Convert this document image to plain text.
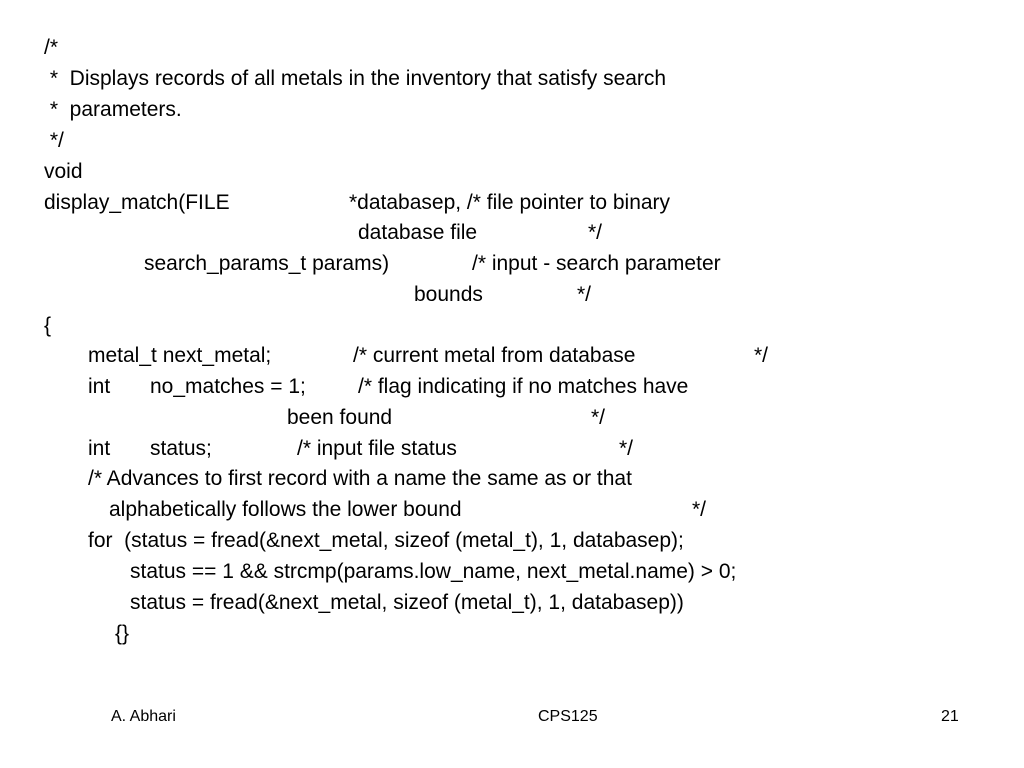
/*
*  Displays records of all metals in the inventory that satisfy search
*  parameters.
*/
void
display_match(FILE	*databasep, /* file pointer to binary
database file	*/
search_params_t params)	/* input - search parameter
bounds	*/
{
metal_t next_metal;	/* current metal from database	*/
int no_matches = 1; /* flag indicating if no matches have
been found	*/
int status;	/* input file status	*/
/* Advances to first record with a name the same as or that
alphabetically follows the lower bound	*/
for  (status = fread(&next_metal, sizeof (metal_t), 1, databasep);
status == 1 && strcmp(params.low_name, next_metal.name) > 0;
status = fread(&next_metal, sizeof (metal_t), 1, databasep))
{}
A. Abhari	CPS125	21
